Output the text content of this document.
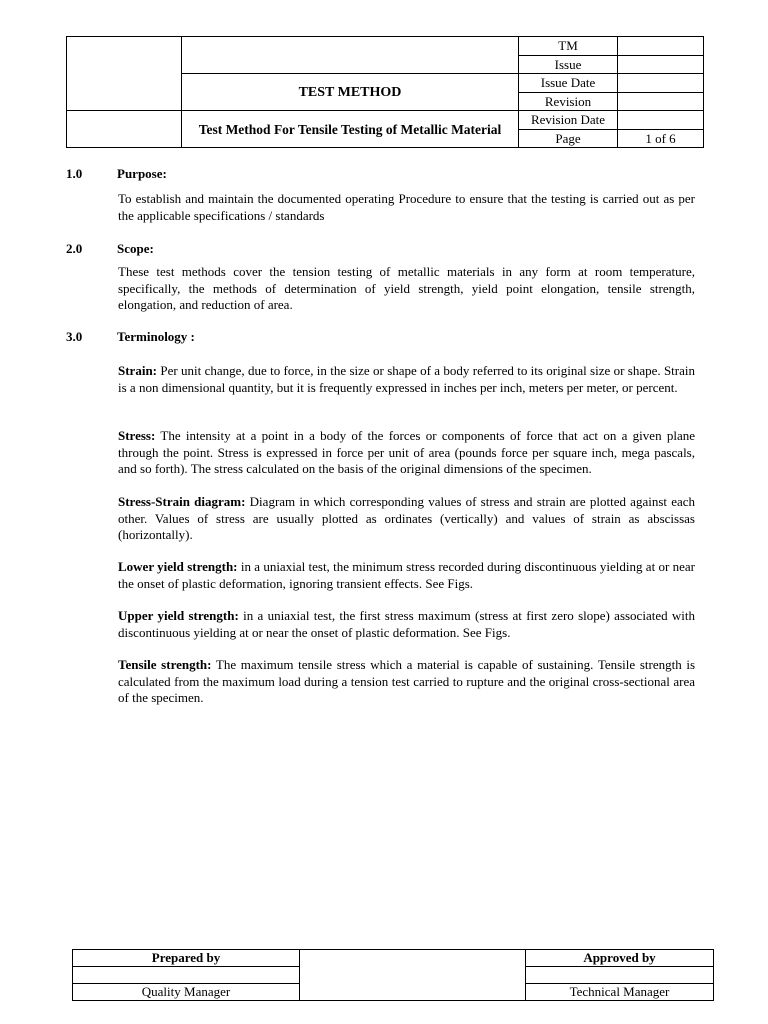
		TM	
		Issue	
	TEST METHOD	Issue Date	
		Revision	
	Test Method For Tensile Testing of Metallic Material	Revision Date	
		Page	1 of 6
1.0	Purpose:
To establish and maintain the documented operating Procedure to ensure that the testing is carried out as per the applicable specifications / standards
2.0	Scope:
These test methods cover the tension testing of metallic materials in any form at room temperature, specifically, the methods of determination of yield strength, yield point elongation, tensile strength, elongation, and reduction of area.
3.0	Terminology :
Strain: Per unit change, due to force, in the size or shape of a body referred to its original size or shape. Strain is a non dimensional quantity, but it is frequently expressed in inches per inch, meters per meter, or percent.
Stress: The intensity at a point in a body of the forces or components of force that act on a given plane through the point. Stress is expressed in force per unit of area (pounds force per square inch, mega pascals, and so forth). The stress calculated on the basis of the original dimensions of the specimen.
Stress-Strain diagram: Diagram in which corresponding values of stress and strain are plotted against each other. Values of stress are usually plotted as ordinates (vertically) and values of strain as abscissas (horizontally).
Lower yield strength: in a uniaxial test, the minimum stress recorded during discontinuous yielding at or near the onset of plastic deformation, ignoring transient effects. See Figs.
Upper yield strength: in a uniaxial test, the first stress maximum (stress at first zero slope) associated with discontinuous yielding at or near the onset of plastic deformation. See Figs.
Tensile strength: The maximum tensile stress which a material is capable of sustaining. Tensile strength is calculated from the maximum load during a tension test carried to rupture and the original cross-sectional area of the specimen.
Prepared by		Approved by

Quality Manager		Technical Manager
